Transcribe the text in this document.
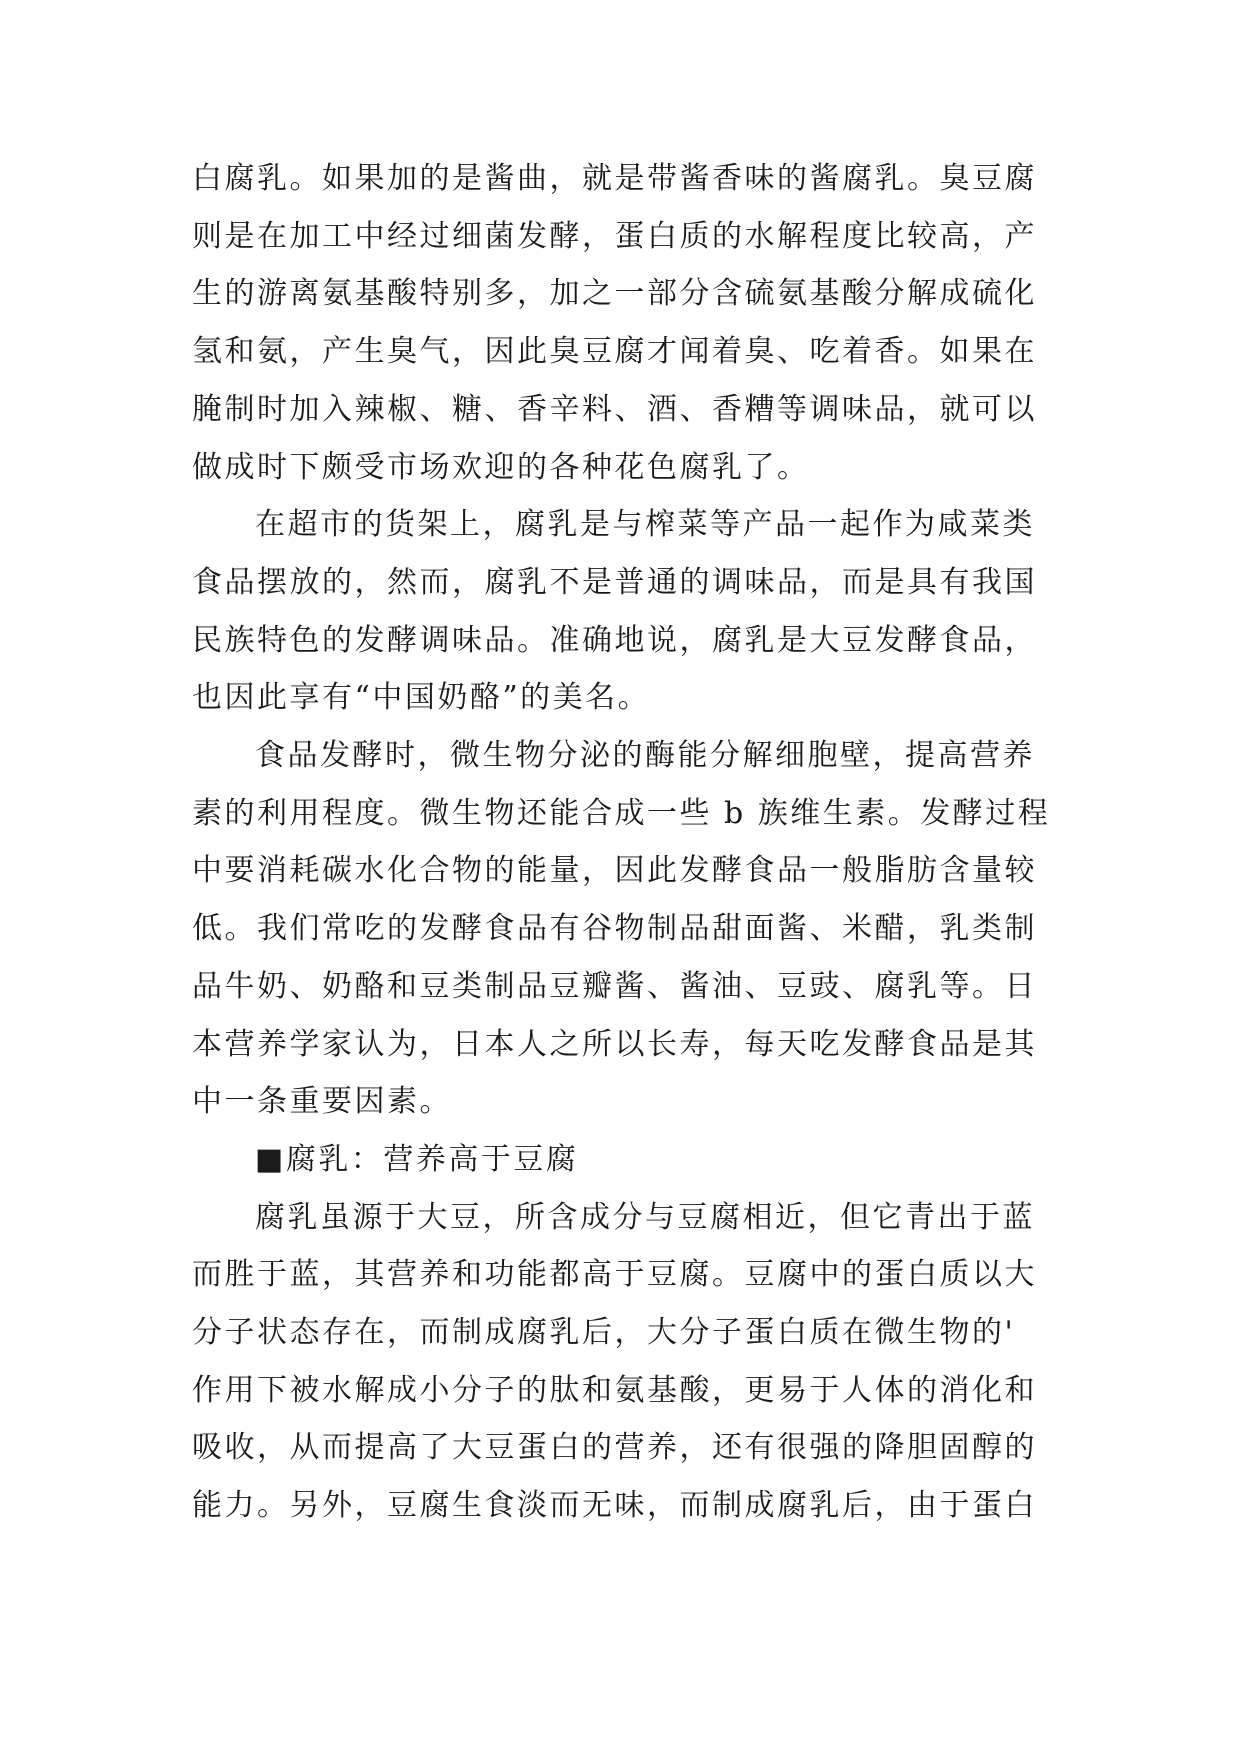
白腐乳。如果加的是酱曲，就是带酱香味的酱腐乳。臭豆腐
则是在加工中经过细菌发酵，蛋白质的水解程度比较高，产
生的游离氨基酸特别多，加之一部分含硫氨基酸分解成硫化
氢和氨，产生臭气，因此臭豆腐才闻着臭、吃着香。如果在
腌制时加入辣椒、糖、香辛料、酒、香糟等调味品，就可以
做成时下颇受市场欢迎的各种花色腐乳了。

在超市的货架上，腐乳是与榨菜等产品一起作为咸菜类
食品摆放的，然而，腐乳不是普通的调味品，而是具有我国
民族特色的发酵调味品。准确地说，腐乳是大豆发酵食品，
也因此享有“中国奶酪”的美名。

食品发酵时，微生物分泌的酶能分解细胞壁，提高营养
素的利用程度。微生物还能合成一些 b 族维生素。发酵过程
中要消耗碳水化合物的能量，因此发酵食品一般脂肪含量较
低。我们常吃的发酵食品有谷物制品甜面酱、米醋，乳类制
品牛奶、奶酪和豆类制品豆瓣酱、酱油、豆豉、腐乳等。日
本营养学家认为，日本人之所以长寿，每天吃发酵食品是其
中一条重要因素。

■腐乳：营养高于豆腐

腐乳虽源于大豆，所含成分与豆腐相近，但它青出于蓝
而胜于蓝，其营养和功能都高于豆腐。豆腐中的蛋白质以大
分子状态存在，而制成腐乳后，大分子蛋白质在微生物的'
作用下被水解成小分子的肽和氨基酸，更易于人体的消化和
吸收，从而提高了大豆蛋白的营养，还有很强的降胆固醇的
能力。另外，豆腐生食淡而无味，而制成腐乳后，由于蛋白
